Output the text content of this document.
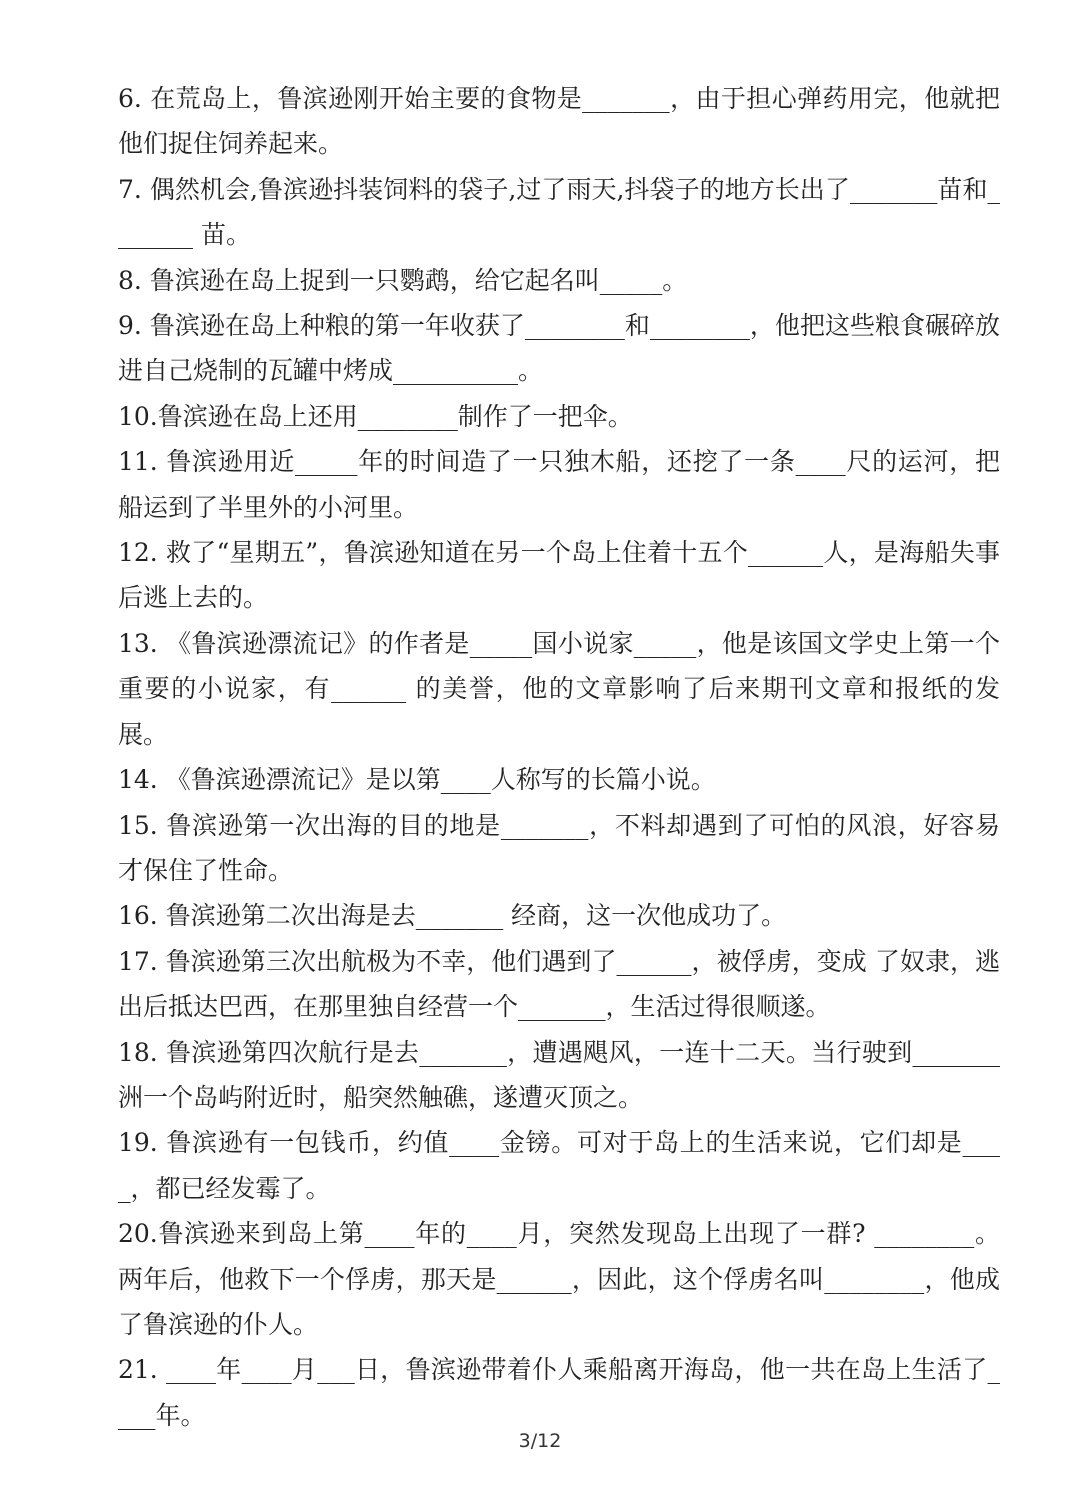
6. 在荒岛上，鲁滨逊刚开始主要的食物是_______，由于担心弹药用完，他就把他们捉住饲养起来。

7. 偶然机会,鲁滨逊抖装饲料的袋子,过了雨天,抖袋子的地方长出了_______苗和_______ 苗。

8. 鲁滨逊在岛上捉到一只鹦鹉，给它起名叫_____。

9. 鲁滨逊在岛上种粮的第一年收获了________和________，他把这些粮食碾碎放进自己烧制的瓦罐中烤成__________。

10.鲁滨逊在岛上还用________制作了一把伞。

11. 鲁滨逊用近_____年的时间造了一只独木船，还挖了一条____尺的运河，把船运到了半里外的小河里。

12. 救了“星期五”，鲁滨逊知道在另一个岛上住着十五个______人，是海船失事后逃上去的。

13. 《鲁滨逊漂流记》的作者是_____国小说家_____，他是该国文学史上第一个重要的小说家，有______ 的美誉，他的文章影响了后来期刊文章和报纸的发展。

14. 《鲁滨逊漂流记》是以第____人称写的长篇小说。

15. 鲁滨逊第一次出海的目的地是_______，不料却遇到了可怕的风浪，好容易才保住了性命。

16. 鲁滨逊第二次出海是去_______ 经商，这一次他成功了。

17. 鲁滨逊第三次出航极为不幸，他们遇到了______，被俘虏，变成 了奴隶，逃出后抵达巴西，在那里独自经营一个_______，生活过得很顺遂。

18. 鲁滨逊第四次航行是去_______，遭遇飓风，一连十二天。当行驶到_______洲一个岛屿附近时，船突然触礁，遂遭灭顶之。

19. 鲁滨逊有一包钱币，约值____金镑。可对于岛上的生活来说，它们却是____，都已经发霉了。

20.鲁滨逊来到岛上第____年的____月，突然发现岛上出现了一群? ________。两年后，他救下一个俘虏，那天是______，因此，这个俘虏名叫________，他成了鲁滨逊的仆人。

21. ____年____月___日，鲁滨逊带着仆人乘船离开海岛，他一共在岛上生活了____年。

3/12
